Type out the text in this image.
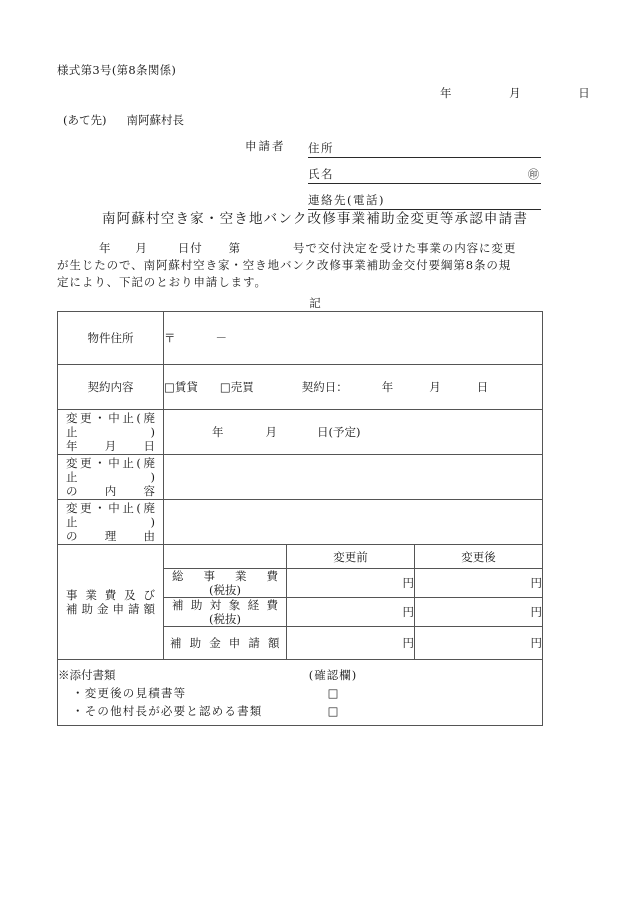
様式第3号(第8条関係)
年	月	日
(あて先) 南阿蘇村長
申請者 住所
氏名	㊞
連絡先(電話)
南阿蘇村空き家・空き地バンク改修事業補助金変更等承認申請書
年 月	日付 第	号で交付決定を受けた事業の内容に変更
が生じたので、南阿蘇村空き家・空き地バンク改修事業補助金交付要綱第8条の規
定により、下記のとおり申請します。
記
物件住所	〒 －		

契約内容	□賃貸 □売買	契約日：	年	月	日

変更・中止(廃止)
年　　月　　日	年 月 日(予定)		

変更・中止(廃止)
の　　内　　容			

変更・中止(廃止)
の　　理　　由			

事業費及び
補助金申請額		変更前	変更後

	総事業費
(税抜)	円	円

	補助対象経費
(税抜)	円	円

	補助金申請額	円	円

※添付書類	(確認欄)
・変更後の見積書等	□
・その他村長が必要と認める書類	□
